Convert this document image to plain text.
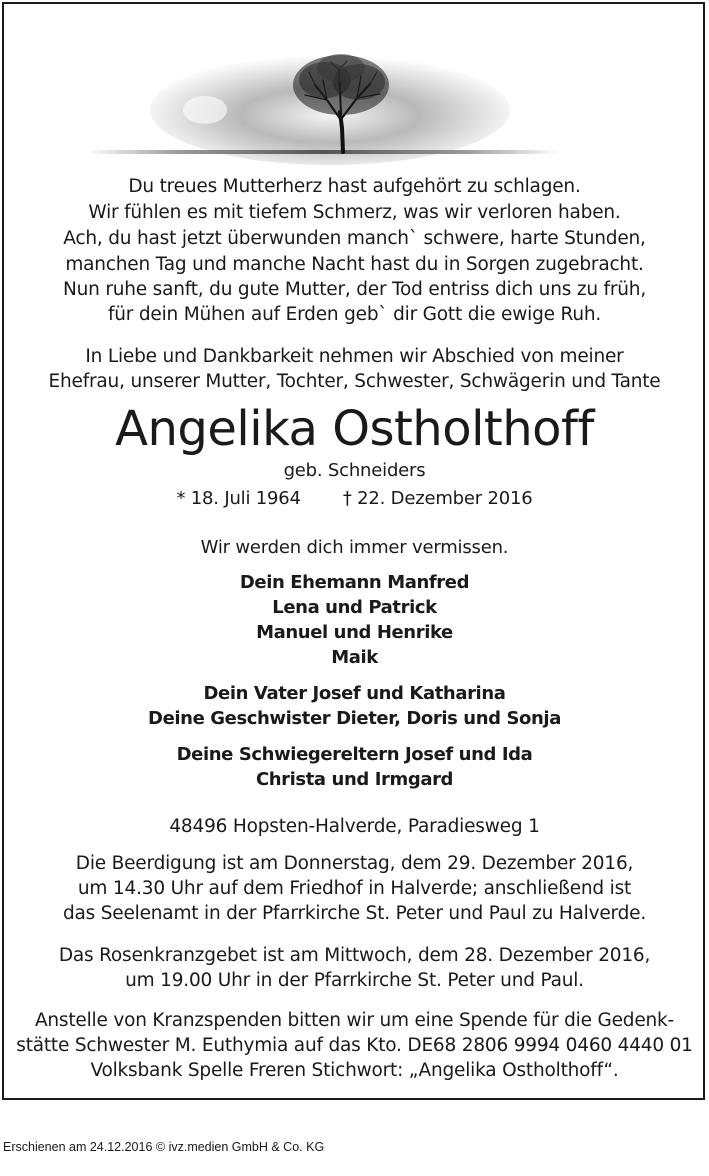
Du treues Mutterherz hast aufgehört zu schlagen.
Wir fühlen es mit tiefem Schmerz, was wir verloren haben.
Ach, du hast jetzt überwunden manch` schwere, harte Stunden,
manchen Tag und manche Nacht hast du in Sorgen zugebracht.
Nun ruhe sanft, du gute Mutter, der Tod entriss dich uns zu früh,
für dein Mühen auf Erden geb` dir Gott die ewige Ruh.
In Liebe und Dankbarkeit nehmen wir Abschied von meiner
Ehefrau, unserer Mutter, Tochter, Schwester, Schwägerin und Tante
Angelika Ostholthoff
geb. Schneiders
* 18. Juli 1964 † 22. Dezember 2016
Wir werden dich immer vermissen.
Dein Ehemann Manfred
Lena und Patrick
Manuel und Henrike
Maik
Dein Vater Josef und Katharina
Deine Geschwister Dieter, Doris und Sonja
Deine Schwiegereltern Josef und Ida
Christa und Irmgard
48496 Hopsten-Halverde, Paradiesweg 1
Die Beerdigung ist am Donnerstag, dem 29. Dezember 2016,
um 14.30 Uhr auf dem Friedhof in Halverde; anschließend ist
das Seelenamt in der Pfarrkirche St. Peter und Paul zu Halverde.
Das Rosenkranzgebet ist am Mittwoch, dem 28. Dezember 2016,
um 19.00 Uhr in der Pfarrkirche St. Peter und Paul.
Anstelle von Kranzspenden bitten wir um eine Spende für die Gedenk-
stätte Schwester M. Euthymia auf das Kto. DE68 2806 9994 0460 4440 01
Volksbank Spelle Freren Stichwort: „Angelika Ostholthoff“.
Erschienen am 24.12.2016 © ivz.medien GmbH & Co. KG
